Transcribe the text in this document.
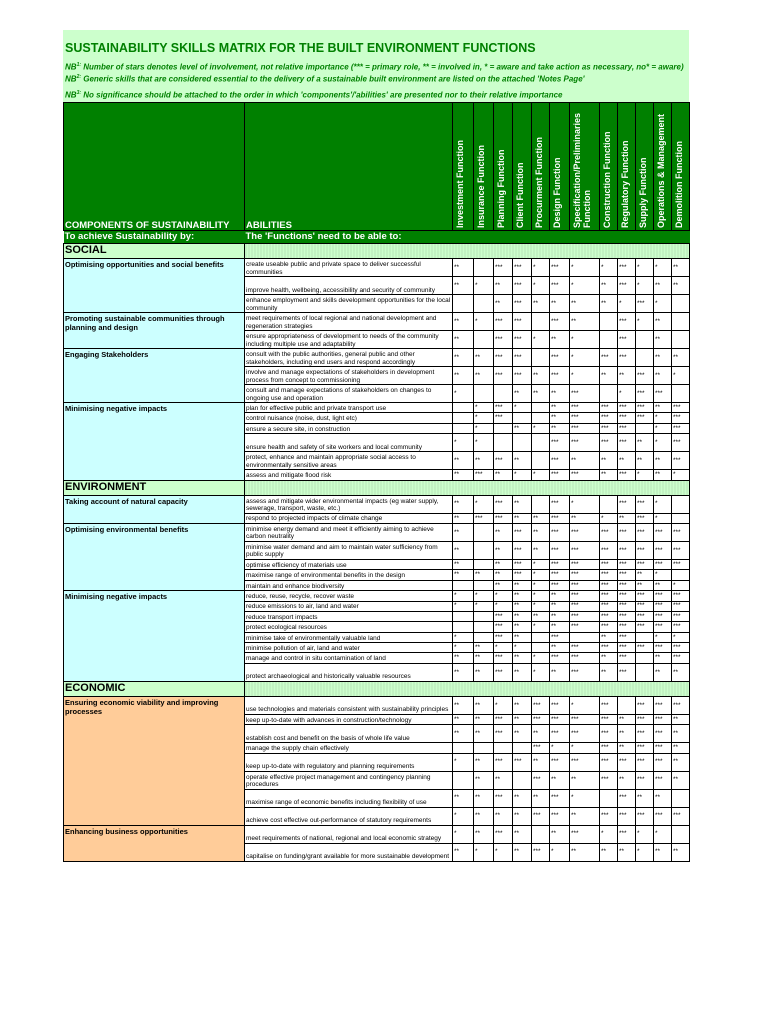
SUSTAINABILITY SKILLS MATRIX FOR THE BUILT ENVIRONMENT FUNCTIONS
$NB^{1:}$ Number of stars denotes level of involvement, not relative importance (*** = primary role, ** = involved in, * = aware and take action as necessary, no* = aware)
$NB^{2:}$ Generic skills that are considered essential to the delivery of a sustainable built environment are listed on the attached 'Notes Page'
$NB^{3:}$ No significance should be attached to the order in which 'components'/'abilities' are presented nor to their relative importance
COMPONENTS OF SUSTAINABILITY	ABILITIES	Investment Function	Insurance Function	Planning Function	Client Function	Procurment Function	Design Function	Specification/Preliminaries Function	Construction Function	Regulatory Function	Supply Function	Operations & Management	Demolition Function

To achieve Sustainability by:	The 'Functions' need to be able to:												
SOCIAL													
Optimising opportunities and social benefits	create useable public and private space to deliver successful communities	**		***	***	*	***	*	*	***	*	*	**
	improve health, wellbeing, accessibility and security of community	**	*	**	***	*	***	*	**	***	*	**	**
	enhance employment and skills development opportunities for the local community			**	***	**	**	**	**	*	***	*	
Promoting sustainable communities through planning and design	meet requirements of local regional and national development and regeneration strategies	**	*	***	***		***	**		***	*	**	
	ensure appropriateness of development to needs of the community including multiple use and adaptability	**		***	***	*	**	*		***		**	
Engaging Stakeholders	consult with the public authorities, general public and other stakeholders, including end users and respond accordingly	**	**	***	***		***	*	***	***		**	**
	involve and manage expectations of stakeholders in development process from concept to commissioning	**	**	***	***	**	***	*	**	**	***	**	*
	consult and manage expectations of stakeholders on changes to ongoing use and operation	*			**	**	**	***		*	***	***	
Minimising negative impacts	plan for effective public and private transport use		*	***	*		**	***	***	***	***	**	***
	control nuisance (noise, dust, light etc)		*	***			**	***	***	***	***	*	***
	ensure a secure site, in construction		*		**	*	**	***	***	***		*	***
	ensure health and safety of site workers and local community	*	*				***	***	***	***	**	*	***
	protect, enhance and maintain appropriate social access to environmentally sensitive areas	**	**	***	**		***	**	**	**	**	**	***
	assess and mitigate flood risk	**	***	**	*	*	***	***	**	***	*	**	*
ENVIRONMENT													
Taking account of natural capacity	assess and mitigate wider environmental impacts (eg water supply, sewerage, transport, waste, etc.)	**	*	***	**		***	*		***	***	*	
	respond to projected impacts of climate change	**	***	***	**	**	***	**	*	**	***	*	
Optimising environmental benefits	minimise energy demand and meet it efficiently aiming to achieve carbon neutrality	**		**	***	**	***	***	***	***	***	***	***
	minimise water demand and aim to maintain water sufficiency from public supply	**		**	***	**	***	***	***	***	***	***	***
	optimise efficiency of materials use	**		**	***	*	***	***	***	***	***	***	***
	maximise range of environmental benefits in the design	**	**	**	***	*	***	***	***	***	**	*	
	maintain and enhance biodiversity			**	**	*	***	***	***	***	**	**	*
Minimising negative impacts	reduce, reuse, recycle, recover waste	*	*	*	**	*	**	***	***	***	***	***	***
	reduce emissions to air, land and water	*	*	*	**	*	**	***	***	***	***	***	***
	reduce transport impacts			***	**	**	**	***	***	***	***	***	***
	protect ecological resources			***	**	*	**	***	***	***	***	***	***
	minimise take of environmentally valuable land	*		***	**		***		**	***		*	*
	minimise pollution of air, land and water	*	**	*	*		**	***	***	***	***	***	***
	manage and control in situ contamination of land	**	**	***	**	*	***	***	**	***		**	***
	protect archaeological and historically valuable resources	**	**	***	**	*	**	***	**	***		**	**
ECONOMIC													
Ensuring economic viability and improving processes	use technologies and materials consistent with sustainability principles	**	**	*	**	***	***	*	***		***	***	***
	keep up-to-date with advances in construction/technology	**	**	***	**	***	***	***	***	**	***	***	**
	establish cost and benefit on the basis of whole life value	**	**	***	**	**	***	***	***	**	***	***	**
	manage the supply chain effectively					***	*	*	***	**	***	***	**
	keep up-to-date with regulatory and planning requirements	*	**	***	***	**	***	***	***	***	***	***	**
	operate effective project management and contingency planning procedures		**	**		***	**	**	***	**	***	***	**
	maximise range of economic benefits including flexibility of use	**	**	***	**	**	***	*		***	**	**	
	achieve cost effective out-performance of statutory requirements	*	**	**	**	***	***	**	***	***	***	***	***
Enhancing business opportunities	meet requirements of national, regional and local economic strategy	*	**	***	**		**	***	*	***	*	*	
	capitalise on funding/grant available for more sustainable development	**	*	*	**	***	*	**	**	**	*	**	**
